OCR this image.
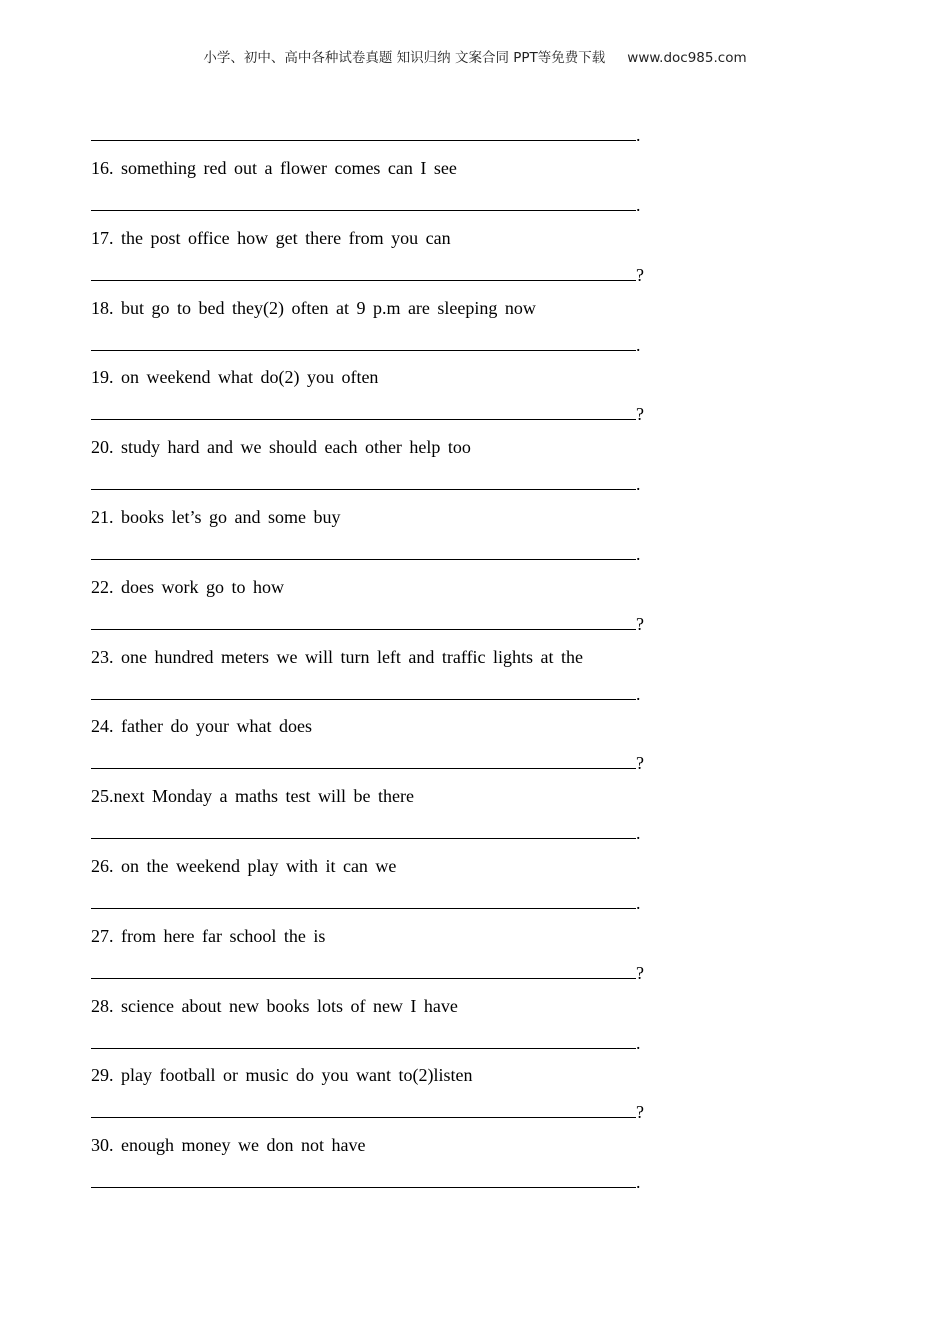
小学、初中、高中各种试卷真题 知识归纳 文案合同 PPT等免费下载 www.doc985.com
.
16. something red out a flower comes can I see
.
17. the post office how get there from you can
?
18. but go to bed they(2) often at 9 p.m are sleeping now
.
19. on weekend what do(2) you often
?
20. study hard and we should each other help too
.
21. books let’s go and some buy
.
22. does work go to how
?
23. one hundred meters we will turn left and traffic lights at the
.
24. father do your what does
?
25.next Monday a maths test will be there
.
26. on the weekend play with it can we
.
27. from here far school the is
?
28. science about new books lots of new I have
.
29. play football or music do you want to(2)listen
?
30. enough money we don not have
.
